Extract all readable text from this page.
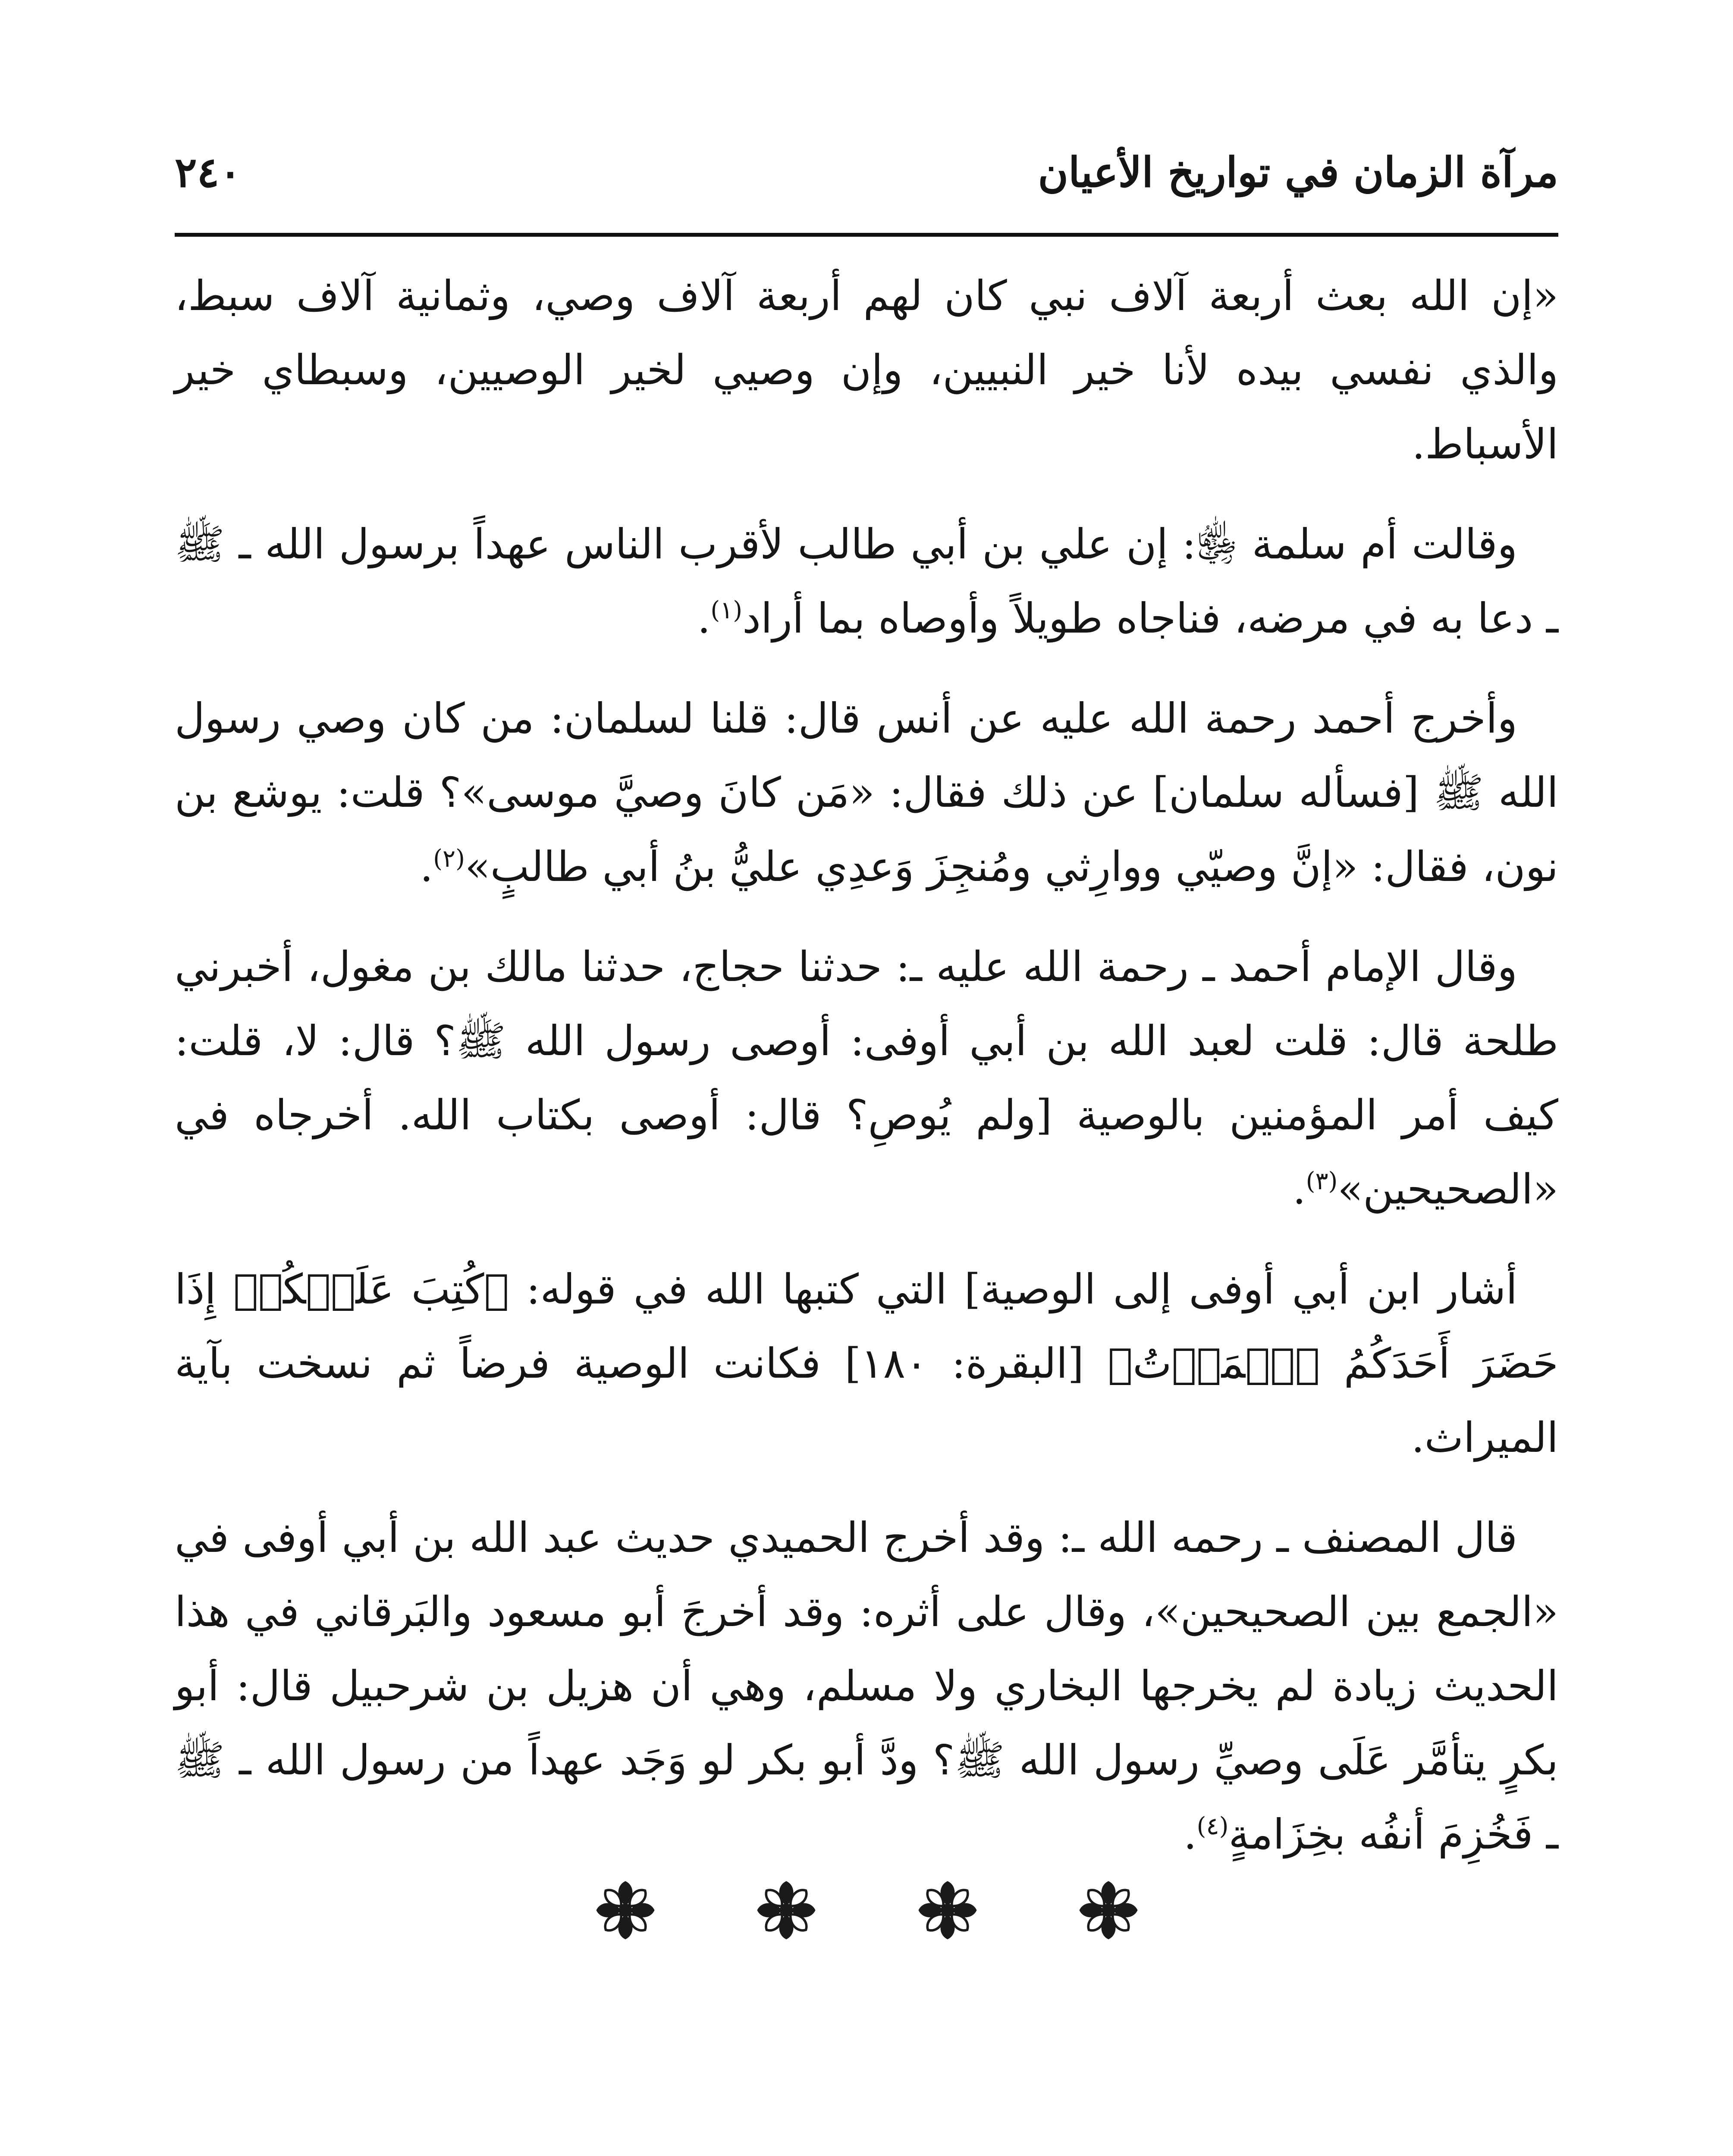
مرآة الزمان في تواريخ الأعيان
٢٤٠

«إن الله بعث أربعة آلاف نبي كان لهم أربعة آلاف وصي، وثمانية آلاف سبط، والذي نفسي بيده لأنا خير النبيين، وإن وصيي لخير الوصيين، وسبطاي خير الأسباط.

وقالت أم سلمة ﵂: إن علي بن أبي طالب لأقرب الناس عهداً برسول الله ـ ﷺ ـ دعا به في مرضه، فناجاه طويلاً وأوصاه بما أراد$^{(١)}$.

وأخرج أحمد رحمة الله عليه عن أنس قال: قلنا لسلمان: من كان وصي رسول الله ﷺ [فسأله سلمان] عن ذلك فقال: «مَن كانَ وصيَّ موسى»؟ قلت: يوشع بن نون، فقال: «إنَّ وصيّي ووارِثي ومُنجِزَ وَعدِي عليُّ بنُ أبي طالبٍ»$^{(٢)}$.

وقال الإمام أحمد ـ رحمة الله عليه ـ: حدثنا حجاج، حدثنا مالك بن مغول، أخبرني طلحة قال: قلت لعبد الله بن أبي أوفى: أوصى رسول الله ﷺ؟ قال: لا، قلت: كيف أمر المؤمنين بالوصية [ولم يُوصِ؟ قال: أوصى بكتاب الله. أخرجاه في «الصحيحين»$^{(٣)}$.

أشار ابن أبي أوفى إلى الوصية] التي كتبها الله في قوله: ﴿كُتِبَ عَلَيۡكُمۡ إِذَا حَضَرَ أَحَدَكُمُ ٱلۡمَوۡتُ﴾ [البقرة: ١٨٠] فكانت الوصية فرضاً ثم نسخت بآية الميراث.

قال المصنف ـ رحمه الله ـ: وقد أخرج الحميدي حديث عبد الله بن أبي أوفى في «الجمع بين الصحيحين»، وقال على أثره: وقد أخرجَ أبو مسعود والبَرقاني في هذا الحديث زيادة لم يخرجها البخاري ولا مسلم، وهي أن هزيل بن شرحبيل قال: أبو بكرٍ يتأمَّر عَلَى وصيِّ رسول الله ﷺ؟ ودَّ أبو بكر لو وَجَد عهداً من رسول الله ـ ﷺ ـ فَخُزِمَ أنفُه بخِزَامةٍ$^{(٤)}$.
